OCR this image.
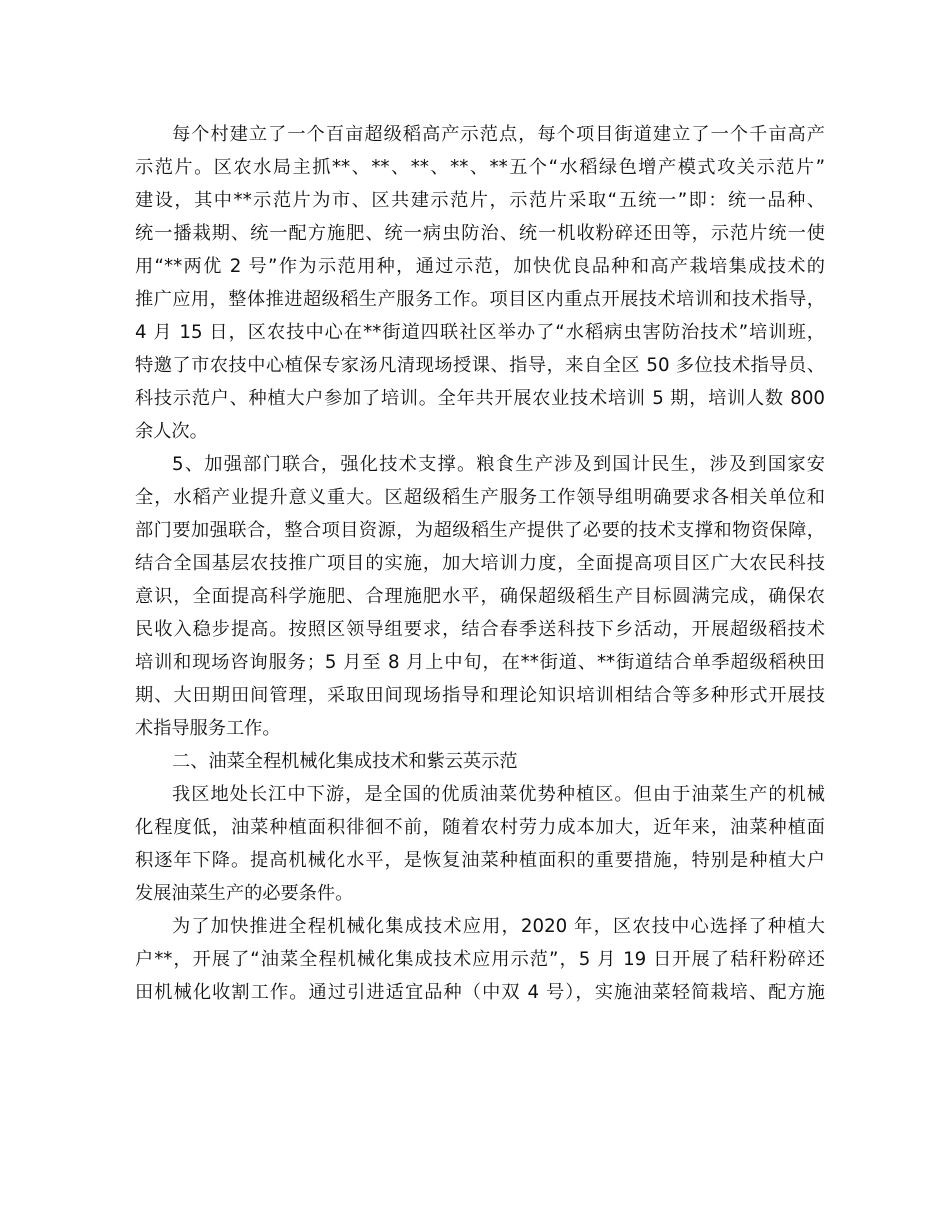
每个村建立了一个百亩超级稻高产示范点，每个项目街道建立了一个千亩高产
示范片。区农水局主抓**、**、**、**、**五个“水稻绿色增产模式攻关示范片”
建设，其中**示范片为市、区共建示范片，示范片采取“五统一”即：统一品种、
统一播栽期、统一配方施肥、统一病虫防治、统一机收粉碎还田等，示范片统一使
用“**两优 2 号”作为示范用种，通过示范，加快优良品种和高产栽培集成技术的
推广应用，整体推进超级稻生产服务工作。项目区内重点开展技术培训和技术指导，
4 月 15 日，区农技中心在**街道四联社区举办了“水稻病虫害防治技术”培训班，
特邀了市农技中心植保专家汤凡清现场授课、指导，来自全区 50 多位技术指导员、
科技示范户、种植大户参加了培训。全年共开展农业技术培训 5 期，培训人数 800
余人次。
5、加强部门联合，强化技术支撑。粮食生产涉及到国计民生，涉及到国家安
全，水稻产业提升意义重大。区超级稻生产服务工作领导组明确要求各相关单位和
部门要加强联合，整合项目资源，为超级稻生产提供了必要的技术支撑和物资保障，
结合全国基层农技推广项目的实施，加大培训力度，全面提高项目区广大农民科技
意识，全面提高科学施肥、合理施肥水平，确保超级稻生产目标圆满完成，确保农
民收入稳步提高。按照区领导组要求，结合春季送科技下乡活动，开展超级稻技术
培训和现场咨询服务；5 月至 8 月上中旬，在**街道、**街道结合单季超级稻秧田
期、大田期田间管理，采取田间现场指导和理论知识培训相结合等多种形式开展技
术指导服务工作。
二、油菜全程机械化集成技术和紫云英示范
我区地处长江中下游，是全国的优质油菜优势种植区。但由于油菜生产的机械
化程度低，油菜种植面积徘徊不前，随着农村劳力成本加大，近年来，油菜种植面
积逐年下降。提高机械化水平，是恢复油菜种植面积的重要措施，特别是种植大户
发展油菜生产的必要条件。
为了加快推进全程机械化集成技术应用，2020 年，区农技中心选择了种植大
户**，开展了“油菜全程机械化集成技术应用示范”，5 月 19 日开展了秸秆粉碎还
田机械化收割工作。通过引进适宜品种（中双 4 号），实施油菜轻简栽培、配方施
